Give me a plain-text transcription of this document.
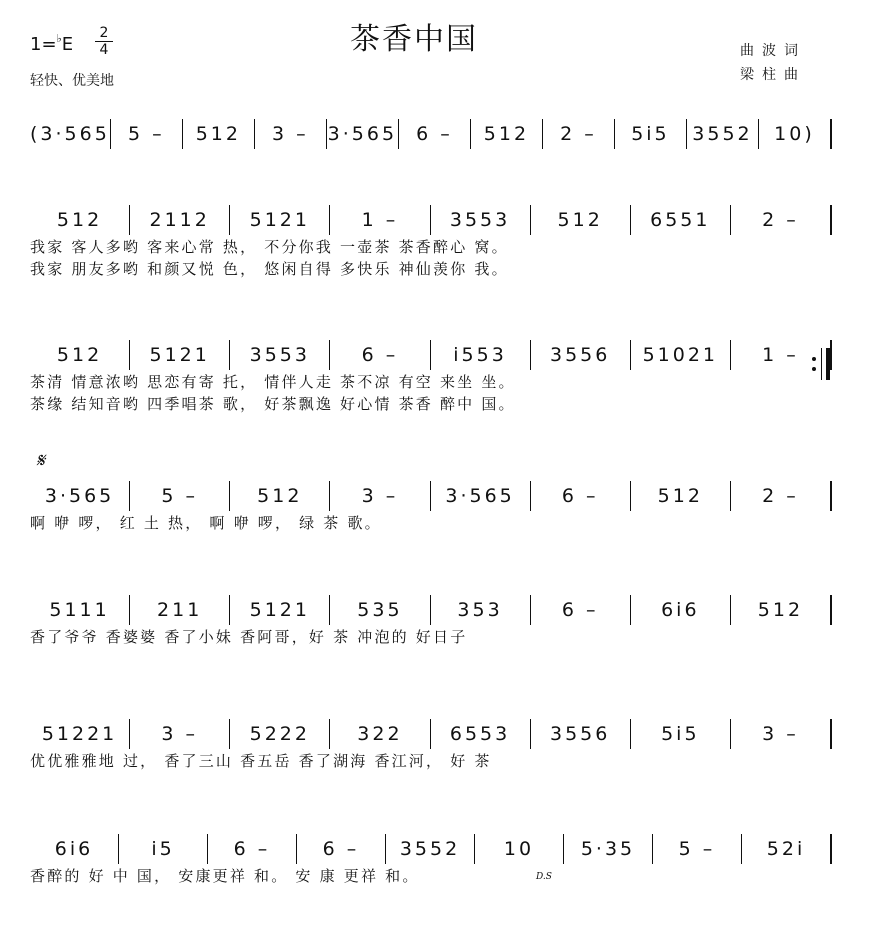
茶香中国
1=♭E
2
4
轻快、优美地
曲波词
梁柱曲
(3·565 5 –	512	3 – 3·565	6 –	512	2 –	5i5	3552	10)
512	2112	5121	1 –	3553	512	6551	2 –
我家 客人多哟 客来心常 热， 不分你我 一壶茶 茶香醉心 窝。
我家 朋友多哟 和颜又悦 色， 悠闲自得 多快乐 神仙羡你 我。
512	5121	3553	6 –	i553	3556	51021	1 –
茶清 情意浓哟 思恋有寄 托， 情伴人走 茶不凉 有空 来坐 坐。
茶缘 结知音哟 四季唱茶 歌， 好茶飘逸 好心情 茶香 醉中 国。
3·565	5 –	512	3 –	3·565	6 –	512	2 –
啊 咿 啰， 红 土 热， 啊 咿 啰， 绿 茶 歌。
5111	211	5121	535	353	6 –	6i6	512
香了爷爷 香婆婆 香了小妹 香阿哥，好 茶 冲泡的 好日子
51221	3 –	5222	322	6553	3556	5i5	3 –
优优雅雅地 过， 香了三山 香五岳 香了湖海 香江河， 好 茶
6i6	i5	6 –	6 –	3552	10	5·35	5 –	52i
香醉的 好 中 国， 安康更祥 和。 安 康 更祥 和。
𝄋
D.S
